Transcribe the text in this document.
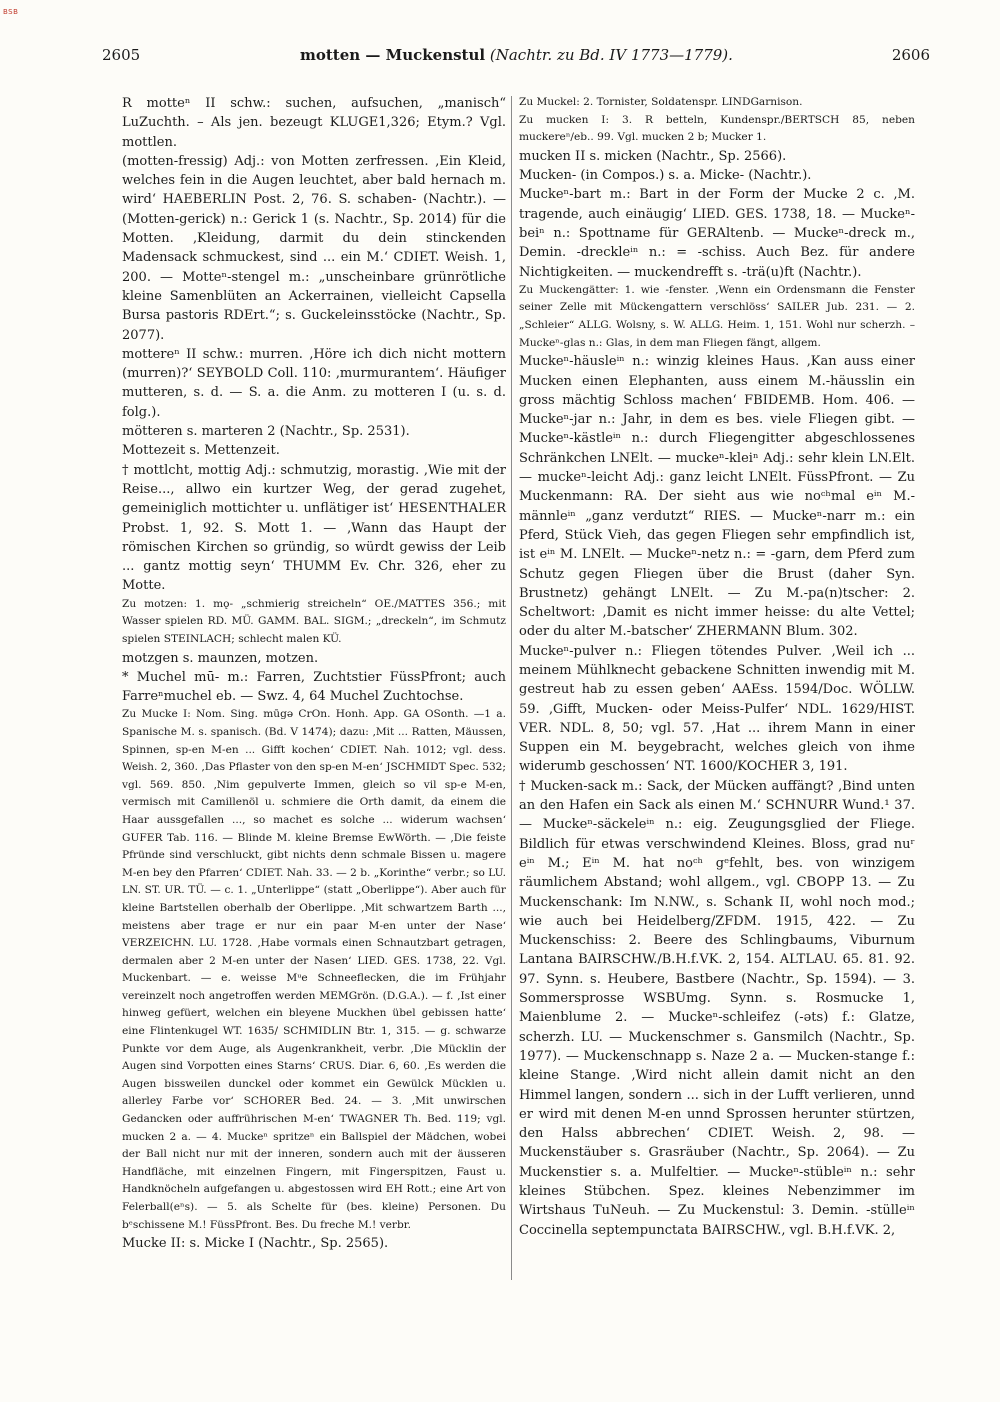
BSB
2605	motten — Muckenstul (Nachtr. zu Bd. IV 1773—1779).	2606

R motteⁿ II schw.: suchen, aufsuchen, „manisch“ LuZuchth. – Als jen. bezeugt KLUGE1,326; Etym.? Vgl. mottlen.

(motten-fressig) Adj.: von Motten zerfressen. ‚Ein Kleid, welches fein in die Augen leuchtet, aber bald hernach m. wird‘ HAEBERLIN Post. 2, 76. S. schaben- (Nachtr.). — (Motten-gerick) n.: Gerick 1 (s. Nachtr., Sp. 2014) für die Motten. ‚Kleidung, darmit du dein stinckenden Madensack schmuckest, sind ... ein M.‘ CDIET. Weish. 1, 200. — Motteⁿ-stengel m.: „unscheinbare grünrötliche kleine Samenblüten an Ackerrainen, vielleicht Capsella Bursa pastoris RDErt.“; s. Guckeleinsstöcke (Nachtr., Sp. 2077).

mottereⁿ II schw.: murren. ‚Höre ich dich nicht mottern (murren)?‘ SEYBOLD Coll. 110: ‚murmurantem‘. Häufiger mutteren, s. d. — S. a. die Anm. zu motteren I (u. s. d. folg.).

mötteren s. marteren 2 (Nachtr., Sp. 2531).

Mottezeit s. Mettenzeit.

† mottlcht, mottig Adj.: schmutzig, morastig. ‚Wie mit der Reise..., allwo ein kurtzer Weg, der gerad zugehet, gemeiniglich mottichter u. unflätiger ist‘ HESENTHALER Probst. 1, 92. S. Mott 1. — ‚Wann das Haupt der römischen Kirchen so gründig, so würdt gewiss der Leib ... gantz mottig seyn‘ THUMM Ev. Chr. 326, eher zu Motte.

Zu motzen: 1. mǫ- „schmierig streicheln“ OE./MATTES 356.; mit Wasser spielen RD. MÜ. GAMM. BAL. SIGM.; „dreckeln“, im Schmutz spielen STEINLACH; schlecht malen KÜ.

motzgen s. maunzen, motzen.

* Muchel mū- m.: Farren, Zuchtstier FüssPfront; auch Farreⁿmuchel eb. — Swz. 4, 64 Muchel Zuchtochse.

Zu Mucke I: Nom. Sing. mūgə CrOn. Honh. App. GA OSonth. —1 a. Spanische M. s. spanisch. (Bd. V 1474); dazu: ‚Mit ... Ratten, Mäussen, Spinnen, sp-en M-en ... Gifft kochen‘ CDIET. Nah. 1012; vgl. dess. Weish. 2, 360. ‚Das Pflaster von den sp-en M-en‘ JSCHMIDT Spec. 532; vgl. 569. 850. ‚Nim gepulverte Immen, gleich so vil sp-e M-en, vermisch mit Camillenöl u. schmiere die Orth damit, da einem die Haar aussgefallen ..., so machet es solche ... widerum wachsen‘ GUFER Tab. 116. — Blinde M. kleine Bremse EwWörth. — ‚Die feiste Pfründe sind verschluckt, gibt nichts denn schmale Bissen u. magere M-en bey den Pfarren‘ CDIET. Nah. 33. — 2 b. „Korinthe“ verbr.; so LU. LN. ST. UR. TÜ. — c. 1. „Unterlippe“ (statt „Oberlippe“). Aber auch für kleine Bartstellen oberhalb der Oberlippe. ‚Mit schwartzem Barth ..., meistens aber trage er nur ein paar M-en unter der Nase‘ VERZEICHN. LU. 1728. ‚Habe vormals einen Schnautzbart getragen, dermalen aber 2 M-en unter der Nasen‘ LIED. GES. 1738, 22. Vgl. Muckenbart. — e. weisse Mᵘe Schneeflecken, die im Frühjahr vereinzelt noch angetroffen werden MEMGrön. (D.G.A.). — f. ‚Ist einer hinweg gefüert, welchen ein bleyene Muckhen übel gebissen hatte‘ eine Flintenkugel WT. 1635/ SCHMIDLIN Btr. 1, 315. — g. schwarze Punkte vor dem Auge, als Augenkrankheit, verbr. ‚Die Mücklin der Augen sind Vorpotten eines Starns‘ CRUS. Diar. 6, 60. ‚Es werden die Augen bissweilen dunckel oder kommet ein Gewülck Mücklen u. allerley Farbe vor‘ SCHORER Bed. 24. — 3. ‚Mit unwirschen Gedancken oder auffrührischen M-en‘ TWAGNER Th. Bed. 119; vgl. mucken 2 a. — 4. Muckeⁿ spritzeⁿ ein Ballspiel der Mädchen, wobei der Ball nicht nur mit der inneren, sondern auch mit der äusseren Handfläche, mit einzelnen Fingern, mit Fingerspitzen, Faust u. Handknöcheln aufgefangen u. abgestossen wird EH Rott.; eine Art von Felerball(eⁿs). — 5. als Schelte für (bes. kleine) Personen. Du bᵉschissene M.! FüssPfront. Bes. Du freche M.! verbr.

Mucke II: s. Micke I (Nachtr., Sp. 2565).

Zu Muckel: 2. Tornister, Soldatenspr. LINDGarnison.

Zu mucken I: 3. R betteln, Kundenspr./BERTSCH 85, neben muckereⁿ/eb.. 99. Vgl. mucken 2 b; Mucker 1.

mucken II s. micken (Nachtr., Sp. 2566).

Mucken- (in Compos.) s. a. Micke- (Nachtr.).

Muckeⁿ-bart m.: Bart in der Form der Mucke 2 c. ‚M. tragende, auch einäugig‘ LIED. GES. 1738, 18. — Muckeⁿ-beiⁿ n.: Spottname für GERAltenb. — Muckeⁿ-dreck m., Demin. -dreckleⁱⁿ n.: = -schiss. Auch Bez. für andere Nichtigkeiten. — muckendrefft s. -trä(u)ft (Nachtr.).

Zu Muckengätter: 1. wie -fenster. ‚Wenn ein Ordensmann die Fenster seiner Zelle mit Mückengattern verschlöss‘ SAILER Jub. 231. — 2. „Schleier“ ALLG. Wolsny, s. W. ALLG. Heim. 1, 151. Wohl nur scherzh. – Muckeⁿ-glas n.: Glas, in dem man Fliegen fängt, allgem.

Muckeⁿ-häusleⁱⁿ n.: winzig kleines Haus. ‚Kan auss einer Mucken einen Elephanten, auss einem M.-häusslin ein gross mächtig Schloss machen‘ FBIDEMB. Hom. 406. — Muckeⁿ-jar n.: Jahr, in dem es bes. viele Fliegen gibt. — Muckeⁿ-kästleⁱⁿ n.: durch Fliegengitter abgeschlossenes Schränkchen LNElt. — muckeⁿ-kleiⁿ Adj.: sehr klein LN.Elt. — muckeⁿ-leicht Adj.: ganz leicht LNElt. FüssPfront. — Zu Muckenmann: RA. Der sieht aus wie noᶜʰmal eⁱⁿ M.-männleⁱⁿ „ganz verdutzt“ RIES. — Muckeⁿ-narr m.: ein Pferd, Stück Vieh, das gegen Fliegen sehr empfindlich ist, ist eⁱⁿ M. LNElt. — Muckeⁿ-netz n.: = -garn, dem Pferd zum Schutz gegen Fliegen über die Brust (daher Syn. Brustnetz) gehängt LNElt. — Zu M.-pa(n)tscher: 2. Scheltwort: ‚Damit es nicht immer heisse: du alte Vettel; oder du alter M.-batscher‘ ZHERMANN Blum. 302.

Muckeⁿ-pulver n.: Fliegen tötendes Pulver. ‚Weil ich ... meinem Mühlknecht gebackene Schnitten inwendig mit M. gestreut hab zu essen geben‘ AAEss. 1594/Doc. WÖLLW. 59. ‚Gifft, Mucken- oder Meiss-Pulfer‘ NDL. 1629/HIST. VER. NDL. 8, 50; vgl. 57. ‚Hat ... ihrem Mann in einer Suppen ein M. beygebracht, welches gleich von ihme widerumb geschossen‘ NT. 1600/KOCHER 3, 191.

† Mucken-sack m.: Sack, der Mücken auffängt? ‚Bind unten an den Hafen ein Sack als einen M.‘ SCHNURR Wund.¹ 37. — Muckeⁿ-säckeleⁱⁿ n.: eig. Zeugungsglied der Fliege. Bildlich für etwas verschwindend Kleines. Bloss, grad nuʳ eⁱⁿ M.; Eⁱⁿ M. hat noᶜʰ gᵉfehlt, bes. von winzigem räumlichem Abstand; wohl allgem., vgl. CBOPP 13. — Zu Muckenschank: Im N.NW., s. Schank II, wohl noch mod.; wie auch bei Heidelberg/ZFDM. 1915, 422. — Zu Muckenschiss: 2. Beere des Schlingbaums, Viburnum Lantana BAIRSCHW./B.H.f.VK. 2, 154. ALTLAU. 65. 81. 92. 97. Synn. s. Heubere, Bastbere (Nachtr., Sp. 1594). — 3. Sommersprosse WSBUmg. Synn. s. Rosmucke 1, Maienblume 2. — Muckeⁿ-schleifez (-əts) f.: Glatze, scherzh. LU. — Muckenschmer s. Gansmilch (Nachtr., Sp. 1977). — Muckenschnapp s. Naze 2 a. — Mucken-stange f.: kleine Stange. ‚Wird nicht allein damit nicht an den Himmel langen, sondern ... sich in der Lufft verlieren, unnd er wird mit denen M-en unnd Sprossen herunter stürtzen, den Halss abbrechen‘ CDIET. Weish. 2, 98. — Muckenstäuber s. Grasräuber (Nachtr., Sp. 2064). — Zu Muckenstier s. a. Mulfeltier. — Muckeⁿ-stübleⁱⁿ n.: sehr kleines Stübchen. Spez. kleines Nebenzimmer im Wirtshaus TuNeuh. — Zu Muckenstul: 3. Demin. -stülleⁱⁿ Coccinella septempunctata BAIRSCHW., vgl. B.H.f.VK. 2,
